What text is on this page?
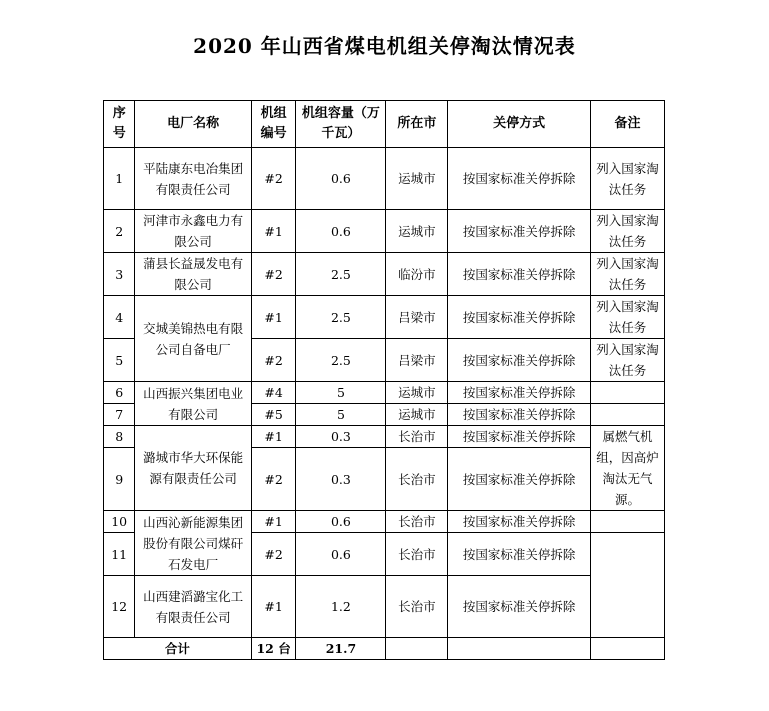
2020 年山西省煤电机组关停淘汰情况表
序号	电厂名称	机组编号	机组容量（万千瓦）	所在市	关停方式	备注
1	平陆康东电冶集团有限责任公司	#2	0.6	运城市	按国家标准关停拆除	列入国家淘汰任务
2	河津市永鑫电力有限公司	#1	0.6	运城市	按国家标准关停拆除	列入国家淘汰任务
3	蒲县长益晟发电有限公司	#2	2.5	临汾市	按国家标准关停拆除	列入国家淘汰任务
4	交城美锦热电有限公司自备电厂	#1	2.5	吕梁市	按国家标准关停拆除	列入国家淘汰任务
5		#2	2.5	吕梁市	按国家标准关停拆除	列入国家淘汰任务
6	山西振兴集团电业有限公司	#4	5	运城市	按国家标准关停拆除	
7		#5	5	运城市	按国家标准关停拆除	
8	潞城市华大环保能源有限责任公司	#1	0.3	长治市	按国家标准关停拆除	属燃气机组，因高炉淘汰无气源。
9		#2	0.3	长治市	按国家标准关停拆除	
10	山西沁新能源集团股份有限公司煤矸石发电厂	#1	0.6	长治市	按国家标准关停拆除	
11		#2	0.6	长治市	按国家标准关停拆除	
12	山西建滔潞宝化工有限责任公司	#1	1.2	长治市	按国家标准关停拆除	
合计		12 台	21.7			
